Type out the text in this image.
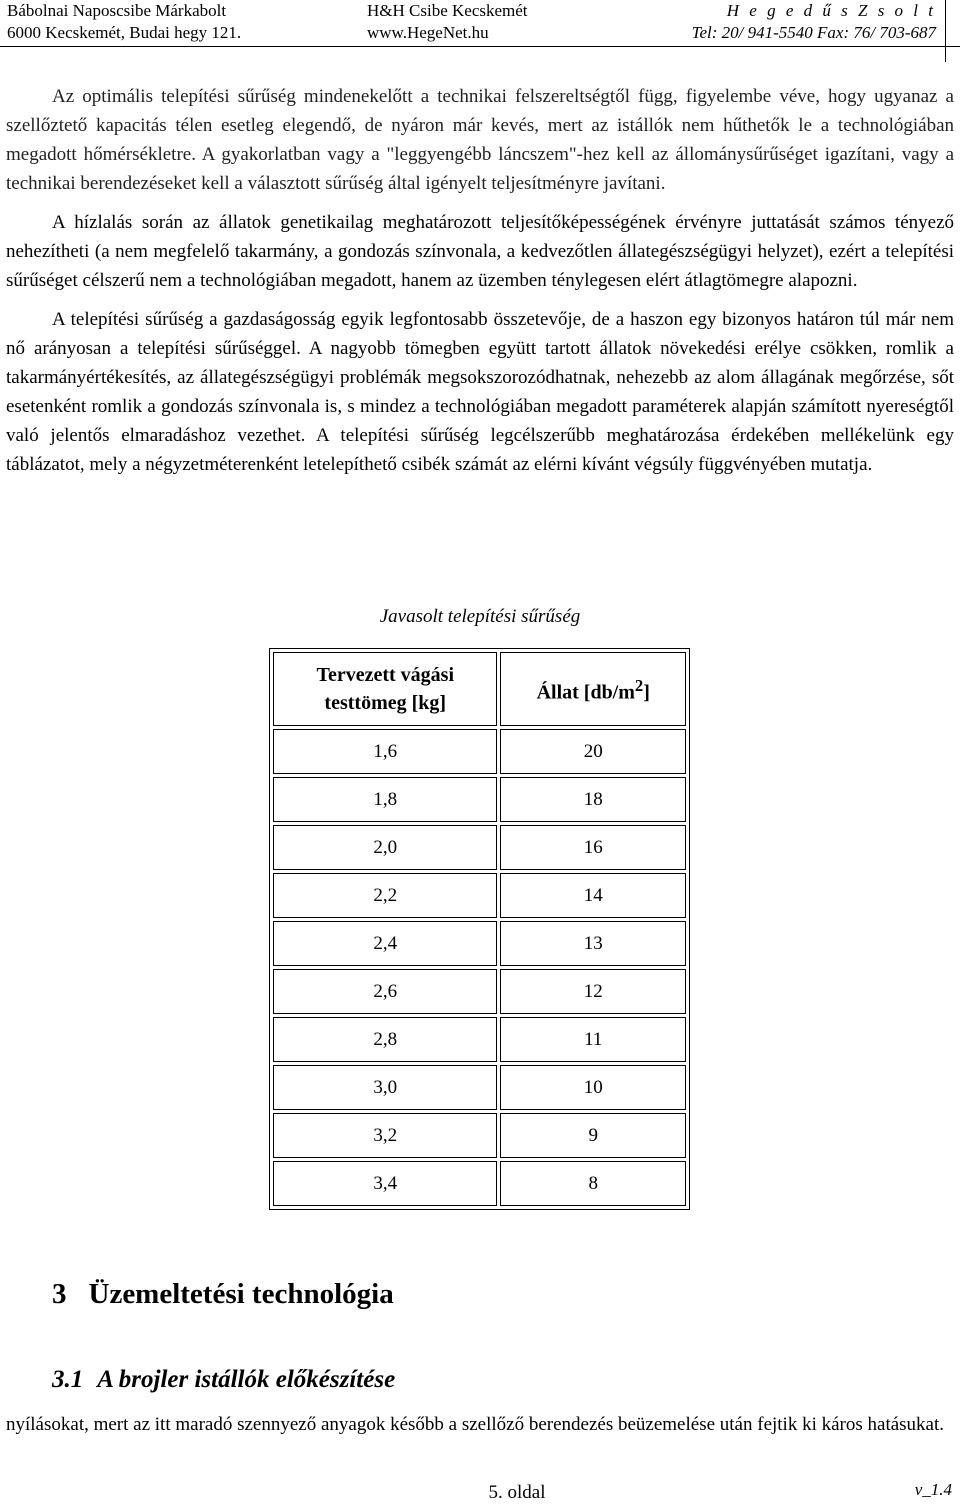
Bábolnai Naposcsibe Márkabolt
6000 Kecskemét, Budai hegy 121.
H&H Csibe Kecskemét
www.HegeNet.hu
H e g e d ű s Z s o l t
Tel: 20/ 941-5540 Fax: 76/ 703-687

Az optimális telepítési sűrűség mindenekelőtt a technikai felszereltségtől függ, figyelembe véve, hogy ugyanaz a szellőztető kapacitás télen esetleg elegendő, de nyáron már kevés, mert az istállók nem hűthetők le a technológiában megadott hőmérsékletre. A gyakorlatban vagy a "leggyengébb láncszem"-hez kell az állománysűrűséget igazítani, vagy a technikai berendezéseket kell a választott sűrűség által igényelt teljesítményre javítani.

A hízlalás során az állatok genetikailag meghatározott teljesítőképességének érvényre juttatását számos tényező nehezítheti (a nem megfelelő takarmány, a gondozás színvonala, a kedvezőtlen állategészségügyi helyzet), ezért a telepítési sűrűséget célszerű nem a technológiában megadott, hanem az üzemben ténylegesen elért átlagtömegre alapozni.

A telepítési sűrűség a gazdaságosság egyik legfontosabb összetevője, de a haszon egy bizonyos határon túl már nem nő arányosan a telepítési sűrűséggel. A nagyobb tömegben együtt tartott állatok növekedési erélye csökken, romlik a takarmányértékesítés, az állategészségügyi problémák megsokszorozódhatnak, nehezebb az alom állagának megőrzése, sőt esetenként romlik a gondozás színvonala is, s mindez a technológiában megadott paraméterek alapján számított nyereségtől való jelentős elmaradáshoz vezethet. A telepítési sűrűség legcélszerűbb meghatározása érdekében mellékelünk egy táblázatot, mely a négyzetméterenként letelepíthető csibék számát az elérni kívánt végsúly függvényében mutatja.

Javasolt telepítési sűrűség
Tervezett vágási
testtömeg [kg]	Állat $[db/m^2]$
1,6	20
1,8	18
2,0	16
2,2	14
2,4	13
2,6	12
2,8	11
3,0	10
3,2	9
3,4	8
3 Üzemeltetési technológia
3.1 A brojler istállók előkészítése
nyílásokat, mert az itt maradó szennyező anyagok később a szellőző berendezés beüzemelése után fejtik ki káros hatásukat.
5. oldal	v_1.4
